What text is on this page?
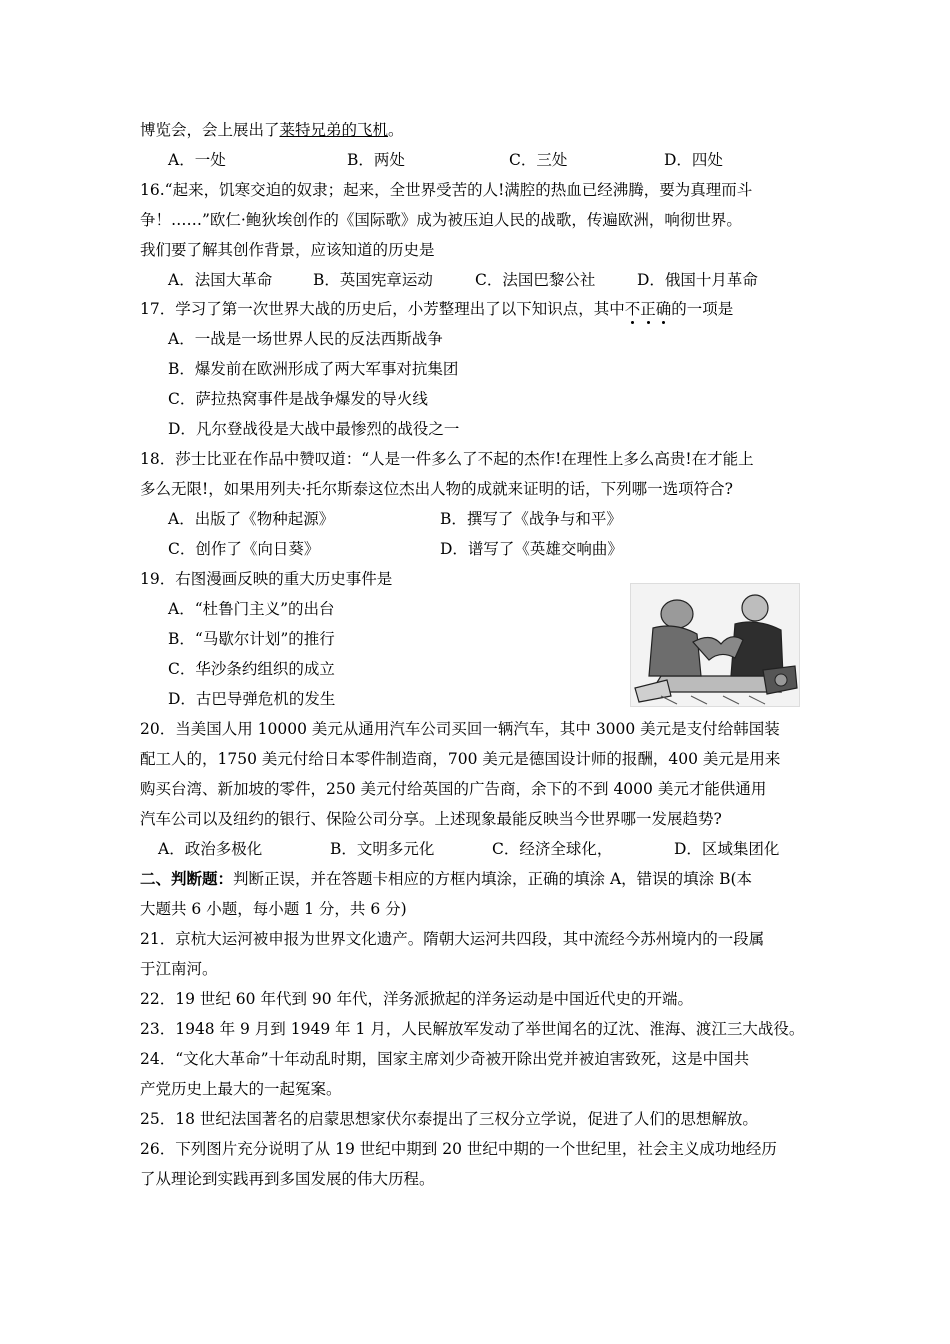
博览会，会上展出了莱特兄弟的飞机。
A．一处	B．两处	C．三处	D．四处
16.“起来，饥寒交迫的奴隶；起来，全世界受苦的人!满腔的热血已经沸腾，要为真理而斗
争！……”欧仁·鲍狄埃创作的《国际歌》成为被压迫人民的战歌，传遍欧洲，响彻世界。
我们要了解其创作背景，应该知道的历史是
A．法国大革命	B．英国宪章运动	C．法国巴黎公社	D．俄国十月革命
17．学习了第一次世界大战的历史后，小芳整理出了以下知识点，其中不正确的一项是
A．一战是一场世界人民的反法西斯战争
B．爆发前在欧洲形成了两大军事对抗集团
C．萨拉热窝事件是战争爆发的导火线
D．凡尔登战役是大战中最惨烈的战役之一
18．莎士比亚在作品中赞叹道：“人是一件多么了不起的杰作!在理性上多么高贵!在才能上
多么无限!，如果用列夫·托尔斯泰这位杰出人物的成就来证明的话，下列哪一选项符合?
A．出版了《物种起源》	B．撰写了《战争与和平》
C．创作了《向日葵》	D．谱写了《英雄交响曲》
19．右图漫画反映的重大历史事件是
A．“杜鲁门主义”的出台
B．“马歇尔计划”的推行
C．华沙条约组织的成立
D．古巴导弹危机的发生
20．当美国人用 10000 美元从通用汽车公司买回一辆汽车，其中 3000 美元是支付给韩国装
配工人的，1750 美元付给日本零件制造商，700 美元是德国设计师的报酬，400 美元是用来
购买台湾、新加坡的零件，250 美元付给英国的广告商，余下的不到 4000 美元才能供通用
汽车公司以及纽约的银行、保险公司分享。上述现象最能反映当今世界哪一发展趋势?
A．政治多极化	B．文明多元化	C．经济全球化，	D．区域集团化
二、判断题：判断正误，并在答题卡相应的方框内填涂，正确的填涂 A，错误的填涂 B(本
大题共 6 小题，每小题 1 分，共 6 分)
21．京杭大运河被申报为世界文化遗产。隋朝大运河共四段，其中流经今苏州境内的一段属
于江南河。
22．19 世纪 60 年代到 90 年代，洋务派掀起的洋务运动是中国近代史的开端。
23．1948 年 9 月到 1949 年 1 月，人民解放军发动了举世闻名的辽沈、淮海、渡江三大战役。
24．“文化大革命”十年动乱时期，国家主席刘少奇被开除出党并被迫害致死，这是中国共
产党历史上最大的一起冤案。
25．18 世纪法国著名的启蒙思想家伏尔泰提出了三权分立学说，促进了人们的思想解放。
26．下列图片充分说明了从 19 世纪中期到 20 世纪中期的一个世纪里，社会主义成功地经历
了从理论到实践再到多国发展的伟大历程。
